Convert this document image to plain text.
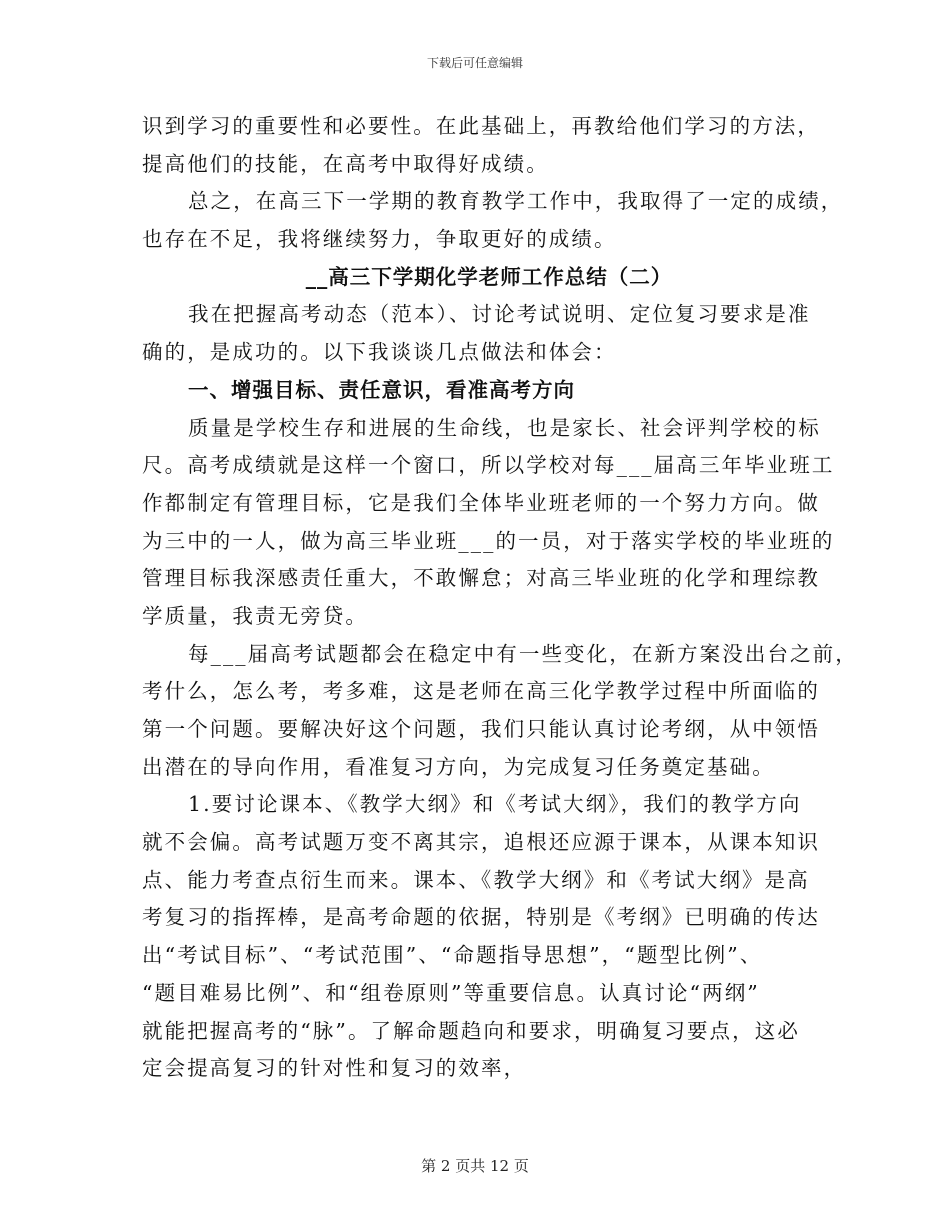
下载后可任意编辑
识到学习的重要性和必要性。在此基础上，再教给他们学习的方法，
提高他们的技能，在高考中取得好成绩。
总之，在高三下一学期的教育教学工作中，我取得了一定的成绩，
也存在不足，我将继续努力，争取更好的成绩。
__高三下学期化学老师工作总结（二）
我在把握高考动态（范本）、讨论考试说明、定位复习要求是准
确的，是成功的。以下我谈谈几点做法和体会：
一、增强目标、责任意识，看准高考方向
质量是学校生存和进展的生命线，也是家长、社会评判学校的标
尺。高考成绩就是这样一个窗口，所以学校对每___届高三年毕业班工
作都制定有管理目标，它是我们全体毕业班老师的一个努力方向。做
为三中的一人，做为高三毕业班___的一员，对于落实学校的毕业班的
管理目标我深感责任重大，不敢懈怠；对高三毕业班的化学和理综教
学质量，我责无旁贷。
每___届高考试题都会在稳定中有一些变化，在新方案没出台之前，
考什么，怎么考，考多难，这是老师在高三化学教学过程中所面临的
第一个问题。要解决好这个问题，我们只能认真讨论考纲，从中领悟
出潜在的导向作用，看准复习方向，为完成复习任务奠定基础。
1.要讨论课本、《教学大纲》和《考试大纲》，我们的教学方向
就不会偏。高考试题万变不离其宗，追根还应源于课本，从课本知识
点、能力考查点衍生而来。课本、《教学大纲》和《考试大纲》是高
考复习的指挥棒，是高考命题的依据，特别是《考纲》已明确的传达
出“考试目标”、“考试范围”、“命题指导思想”，“题型比例”、
“题目难易比例”、和“组卷原则”等重要信息。认真讨论“两纲”
就能把握高考的“脉”。了解命题趋向和要求，明确复习要点，这必
定会提高复习的针对性和复习的效率，
第 2 页共 12 页
